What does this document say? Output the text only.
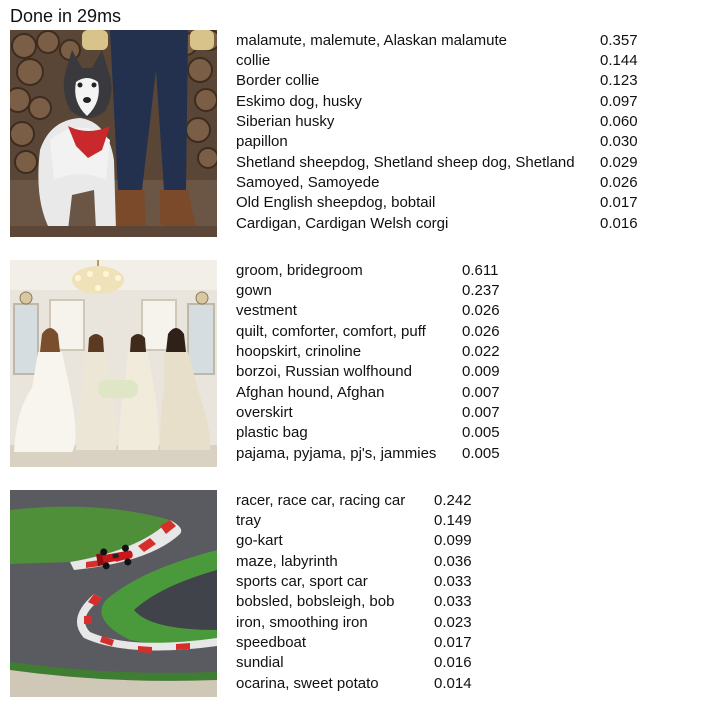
Done in 29ms
malamute, malemute, Alaskan malamute	0.357
collie	0.144
Border collie	0.123
Eskimo dog, husky	0.097
Siberian husky	0.060
papillon	0.030
Shetland sheepdog, Shetland sheep dog, Shetland	0.029
Samoyed, Samoyede	0.026
Old English sheepdog, bobtail	0.017
Cardigan, Cardigan Welsh corgi	0.016
groom, bridegroom	0.611
gown	0.237
vestment	0.026
quilt, comforter, comfort, puff	0.026
hoopskirt, crinoline	0.022
borzoi, Russian wolfhound	0.009
Afghan hound, Afghan	0.007
overskirt	0.007
plastic bag	0.005
pajama, pyjama, pj's, jammies	0.005
racer, race car, racing car	0.242
tray	0.149
go-kart	0.099
maze, labyrinth	0.036
sports car, sport car	0.033
bobsled, bobsleigh, bob	0.033
iron, smoothing iron	0.023
speedboat	0.017
sundial	0.016
ocarina, sweet potato	0.014
